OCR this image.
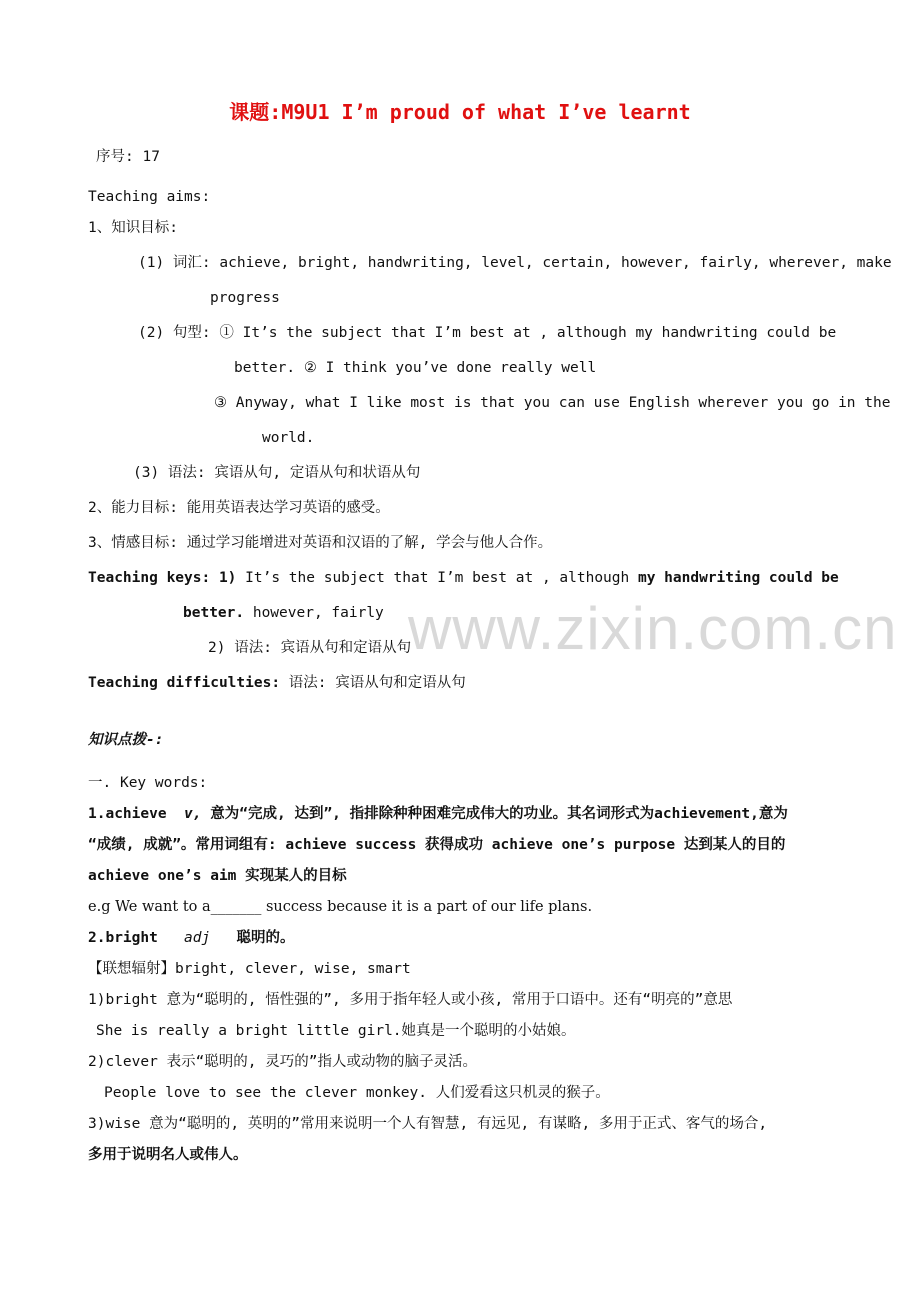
www.zixin.com.cn
课题:M9U1 I’m proud of what I’ve learnt
序号: 17
Teaching aims:
1、知识目标:
(1) 词汇: achieve, bright, handwriting, level, certain, however, fairly, wherever, make
progress
(2) 句型: ① It’s the subject that I’m best at , although my handwriting could be
better. ② I think you’ve done really well
③ Anyway, what I like most is that you can use English wherever you go in the
world.
(3) 语法: 宾语从句, 定语从句和状语从句
2、能力目标: 能用英语表达学习英语的感受。
3、情感目标: 通过学习能增进对英语和汉语的了解, 学会与他人合作。
Teaching keys: 1) It’s the subject that I’m best at , although my handwriting could be
better. however, fairly
2) 语法: 宾语从句和定语从句
Teaching difficulties: 语法: 宾语从句和定语从句
知识点拨-:
一. Key words:
1.achieve v, 意为“完成, 达到”, 指排除种种困难完成伟大的功业。其名词形式为achievement,意为
“成绩, 成就”。常用词组有: achieve success 获得成功 achieve one’s purpose 达到某人的目的
achieve one’s aim 实现某人的目标
e.g We want to a_______ success because it is a part of our life plans.
2.bright adj 聪明的。
【联想辐射】bright, clever, wise, smart
1)bright 意为“聪明的, 悟性强的”, 多用于指年轻人或小孩, 常用于口语中。还有“明亮的”意思
She is really a bright little girl.她真是一个聪明的小姑娘。
2)clever 表示“聪明的, 灵巧的”指人或动物的脑子灵活。
People love to see the clever monkey. 人们爱看这只机灵的猴子。
3)wise 意为“聪明的, 英明的”常用来说明一个人有智慧, 有远见, 有谋略, 多用于正式、客气的场合,
多用于说明名人或伟人。
